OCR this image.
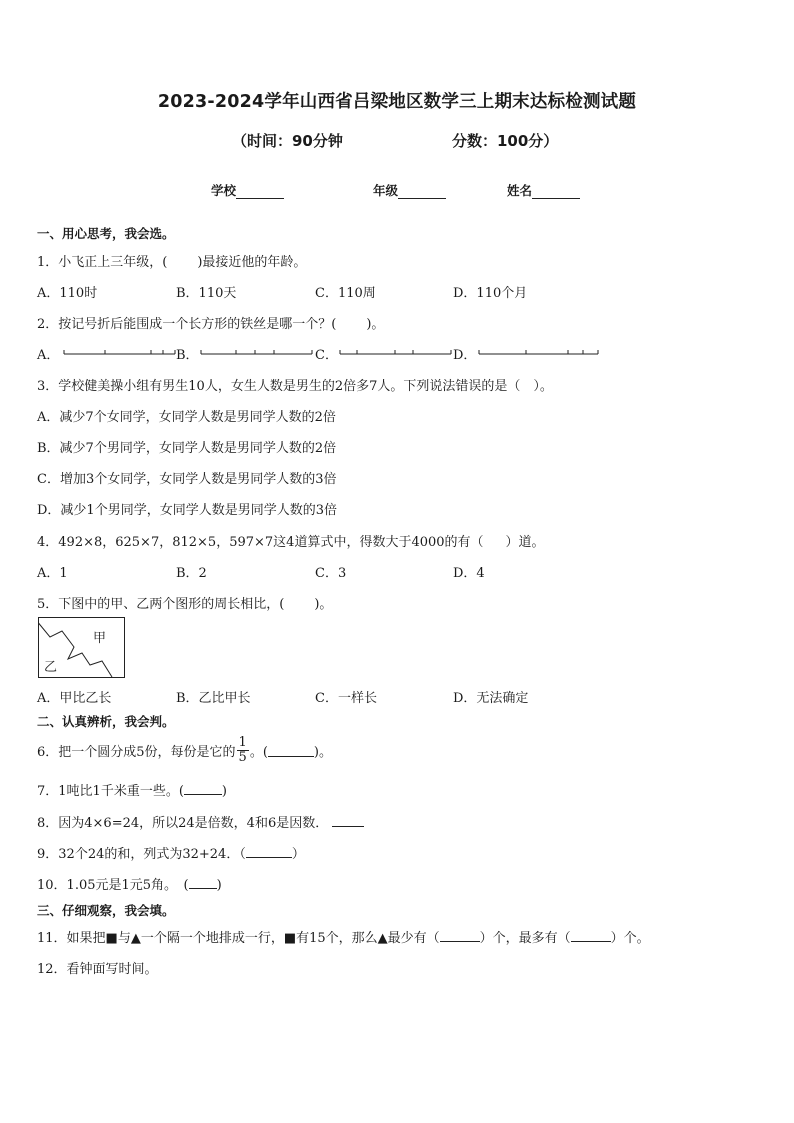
2023-2024学年山西省吕梁地区数学三上期末达标检测试题
（时间：90分钟	分数：100分）
学校	年级	姓名
一、用心思考，我会选。
1．小飞正上三年级，( )最接近他的年龄。
A．110时	B．110天	C．110周	D．110个月
2．按记号折后能围成一个长方形的铁丝是哪一个？( )。
A．	B．	C．	D．
3．学校健美操小组有男生10人，女生人数是男生的2倍多7人。下列说法错误的是（　）。
A．减少7个女同学，女同学人数是男同学人数的2倍
B．减少7个男同学，女同学人数是男同学人数的2倍
C．增加3个女同学，女同学人数是男同学人数的3倍
D．减少1个男同学，女同学人数是男同学人数的3倍
4．492×8，625×7，812×5，597×7这4道算式中，得数大于4000的有（ ）道。
A．1	B．2	C．3	D．4
5．下图中的甲、乙两个图形的周长相比，( )。
甲
乙
A．甲比乙长	B．乙比甲长	C．一样长	D．无法确定
二、认真辨析，我会判。
6．把一个圆分成5份，每份是它的 $\frac{1}{5}$ 。(	)。
7．1吨比1千米重一些。(	)
8．因为4×6=24，所以24是倍数，4和6是因数．
9．32个24的和，列式为32+24．（	）
10．1.05元是1元5角。　( )
三、仔细观察，我会填。
11．如果把■与▲一个隔一个地排成一行，■有15个，那么▲最少有（	）个，最多有（	）个。
12．看钟面写时间。
